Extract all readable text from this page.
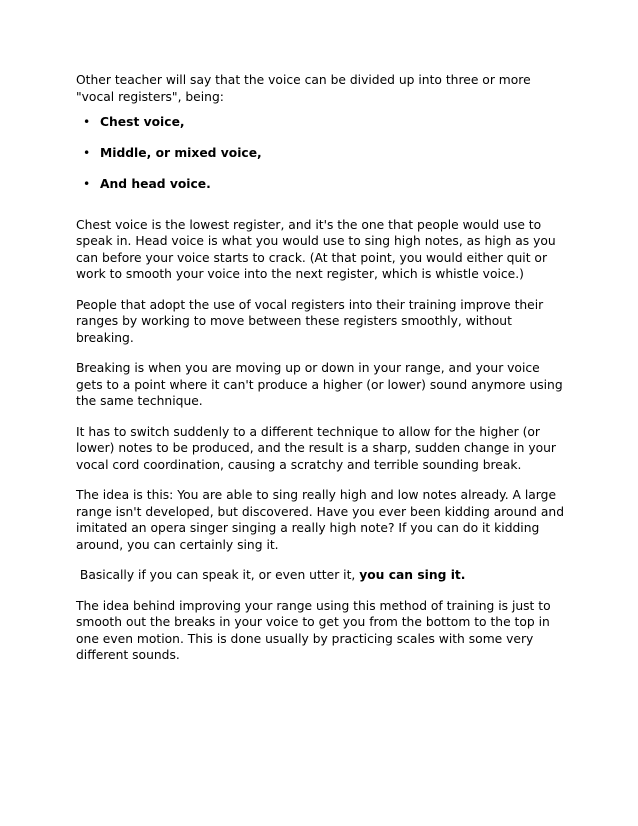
Other teacher will say that the voice can be divided up into three or more "vocal registers", being:

• Chest voice,
• Middle, or mixed voice,
• And head voice.

Chest voice is the lowest register, and it's the one that people would use to speak in. Head voice is what you would use to sing high notes, as high as you can before your voice starts to crack. (At that point, you would either quit or work to smooth your voice into the next register, which is whistle voice.)

People that adopt the use of vocal registers into their training improve their ranges by working to move between these registers smoothly, without breaking.

Breaking is when you are moving up or down in your range, and your voice gets to a point where it can't produce a higher (or lower) sound anymore using the same technique.

It has to switch suddenly to a different technique to allow for the higher (or lower) notes to be produced, and the result is a sharp, sudden change in your vocal cord coordination, causing a scratchy and terrible sounding break.

The idea is this: You are able to sing really high and low notes already. A large range isn't developed, but discovered. Have you ever been kidding around and imitated an opera singer singing a really high note? If you can do it kidding around, you can certainly sing it.

Basically if you can speak it, or even utter it, you can sing it.

The idea behind improving your range using this method of training is just to smooth out the breaks in your voice to get you from the bottom to the top in one even motion. This is done usually by practicing scales with some very different sounds.
